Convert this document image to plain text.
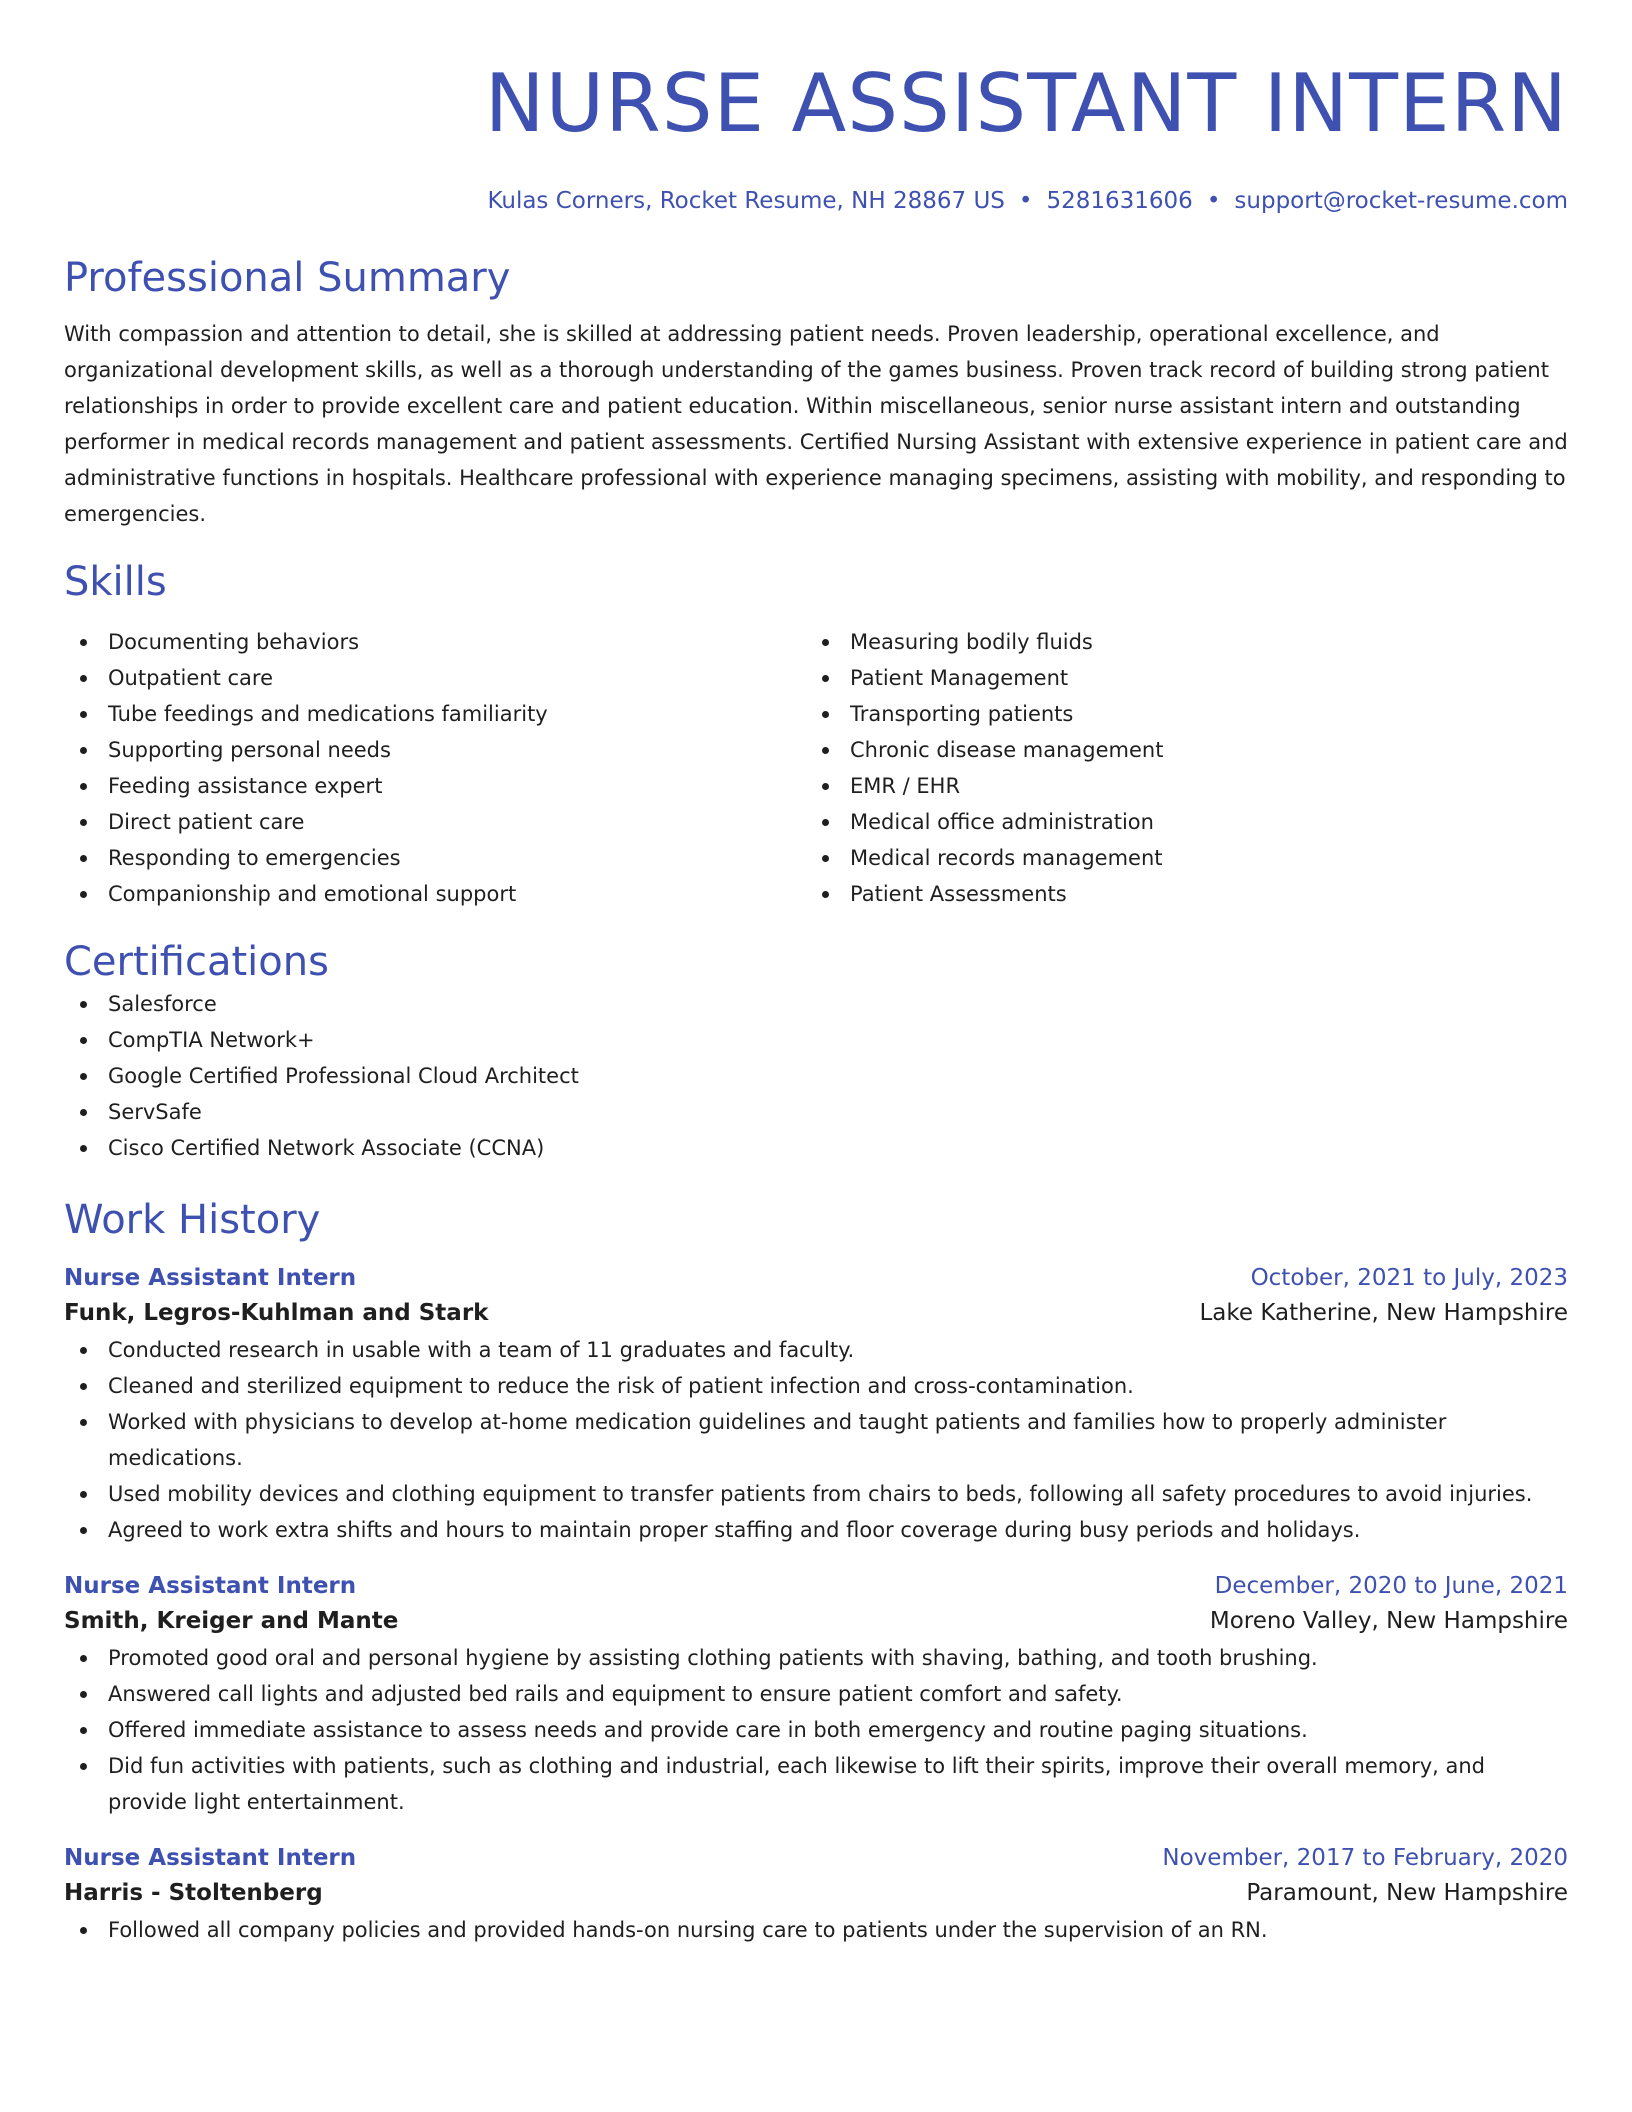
NURSE ASSISTANT INTERN
Kulas Corners, Rocket Resume, NH 28867 US • 5281631606 • support@rocket-resume.com
Professional Summary
With compassion and attention to detail, she is skilled at addressing patient needs. Proven leadership, operational excellence, and organizational development skills, as well as a thorough understanding of the games business. Proven track record of building strong patient relationships in order to provide excellent care and patient education. Within miscellaneous, senior nurse assistant intern and outstanding performer in medical records management and patient assessments. Certified Nursing Assistant with extensive experience in patient care and administrative functions in hospitals. Healthcare professional with experience managing specimens, assisting with mobility, and responding to emergencies.
Skills
Documenting behaviors
Outpatient care
Tube feedings and medications familiarity
Supporting personal needs
Feeding assistance expert
Direct patient care
Responding to emergencies
Companionship and emotional support
Measuring bodily fluids
Patient Management
Transporting patients
Chronic disease management
EMR / EHR
Medical office administration
Medical records management
Patient Assessments
Certifications
Salesforce
CompTIA Network+
Google Certified Professional Cloud Architect
ServSafe
Cisco Certified Network Associate (CCNA)
Work History
Nurse Assistant Intern	October, 2021 to July, 2023
Funk, Legros-Kuhlman and Stark	Lake Katherine, New Hampshire
Conducted research in usable with a team of 11 graduates and faculty.
Cleaned and sterilized equipment to reduce the risk of patient infection and cross-contamination.
Worked with physicians to develop at-home medication guidelines and taught patients and families how to properly administer medications.
Used mobility devices and clothing equipment to transfer patients from chairs to beds, following all safety procedures to avoid injuries.
Agreed to work extra shifts and hours to maintain proper staffing and floor coverage during busy periods and holidays.
Nurse Assistant Intern	December, 2020 to June, 2021
Smith, Kreiger and Mante	Moreno Valley, New Hampshire
Promoted good oral and personal hygiene by assisting clothing patients with shaving, bathing, and tooth brushing.
Answered call lights and adjusted bed rails and equipment to ensure patient comfort and safety.
Offered immediate assistance to assess needs and provide care in both emergency and routine paging situations.
Did fun activities with patients, such as clothing and industrial, each likewise to lift their spirits, improve their overall memory, and provide light entertainment.
Nurse Assistant Intern	November, 2017 to February, 2020
Harris - Stoltenberg	Paramount, New Hampshire
Followed all company policies and provided hands-on nursing care to patients under the supervision of an RN.
